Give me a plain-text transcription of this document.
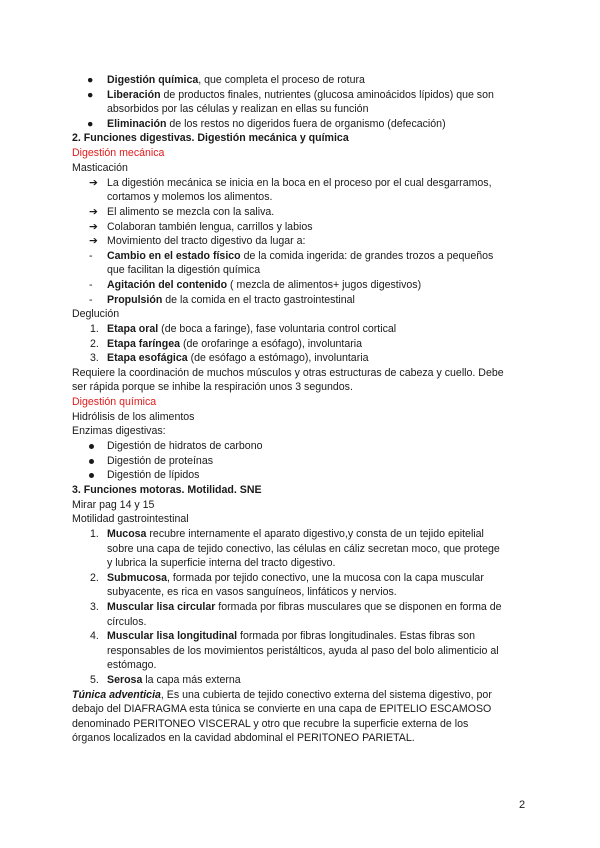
● Digestión química, que completa el proceso de rotura
● Liberación de productos finales, nutrientes (glucosa aminoácidos lípidos) que son
absorbidos por las células y realizan en ellas su función
● Eliminación de los restos no digeridos fuera de organismo (defecación)
2. Funciones digestivas. Digestión mecánica y química
Digestión mecánica
Masticación
➔ La digestión mecánica se inicia en la boca en el proceso por el cual desgarramos,
cortamos y molemos los alimentos.
➔ El alimento se mezcla con la saliva.
➔ Colaboran también lengua, carrillos y labios
➔ Movimiento del tracto digestivo da lugar a:
- Cambio en el estado físico de la comida ingerida: de grandes trozos a pequeños
que facilitan la digestión química
- Agitación del contenido ( mezcla de alimentos+ jugos digestivos)
- Propulsión de la comida en el tracto gastrointestinal
Deglución
1. Etapa oral (de boca a faringe), fase voluntaria control cortical
2. Etapa faríngea (de orofaringe a esófago), involuntaria
3. Etapa esofágica (de esófago a estómago), involuntaria
Requiere la coordinación de muchos músculos y otras estructuras de cabeza y cuello. Debe
ser rápida porque se inhibe la respiración unos 3 segundos.
Digestión química
Hidrólisis de los alimentos
Enzimas digestivas:
Digestión de hidratos de carbono
Digestión de proteínas
Digestión de lípidos
3. Funciones motoras. Motilidad. SNE
Mirar pag 14 y 15
Motilidad gastrointestinal
1. Mucosa recubre internamente el aparato digestivo,y consta de un tejido epitelial
sobre una capa de tejido conectivo, las células en cáliz secretan moco, que protege
y lubrica la superficie interna del tracto digestivo.
2. Submucosa, formada por tejido conectivo, une la mucosa con la capa muscular
subyacente, es rica en vasos sanguíneos, linfáticos y nervios.
3. Muscular lisa circular formada por fibras musculares que se disponen en forma de
círculos.
4. Muscular lisa longitudinal formada por fibras longitudinales. Estas fibras son
responsables de los movimientos peristálticos, ayuda al paso del bolo alimenticio al
estómago.
5. Serosa la capa más externa
Túnica adventicia, Es una cubierta de tejido conectivo externa del sistema digestivo, por
debajo del DIAFRAGMA esta túnica se convierte en una capa de EPITELIO ESCAMOSO
denominado PERITONEO VISCERAL y otro que recubre la superficie externa de los
órganos localizados en la cavidad abdominal el PERITONEO PARIETAL.
2
